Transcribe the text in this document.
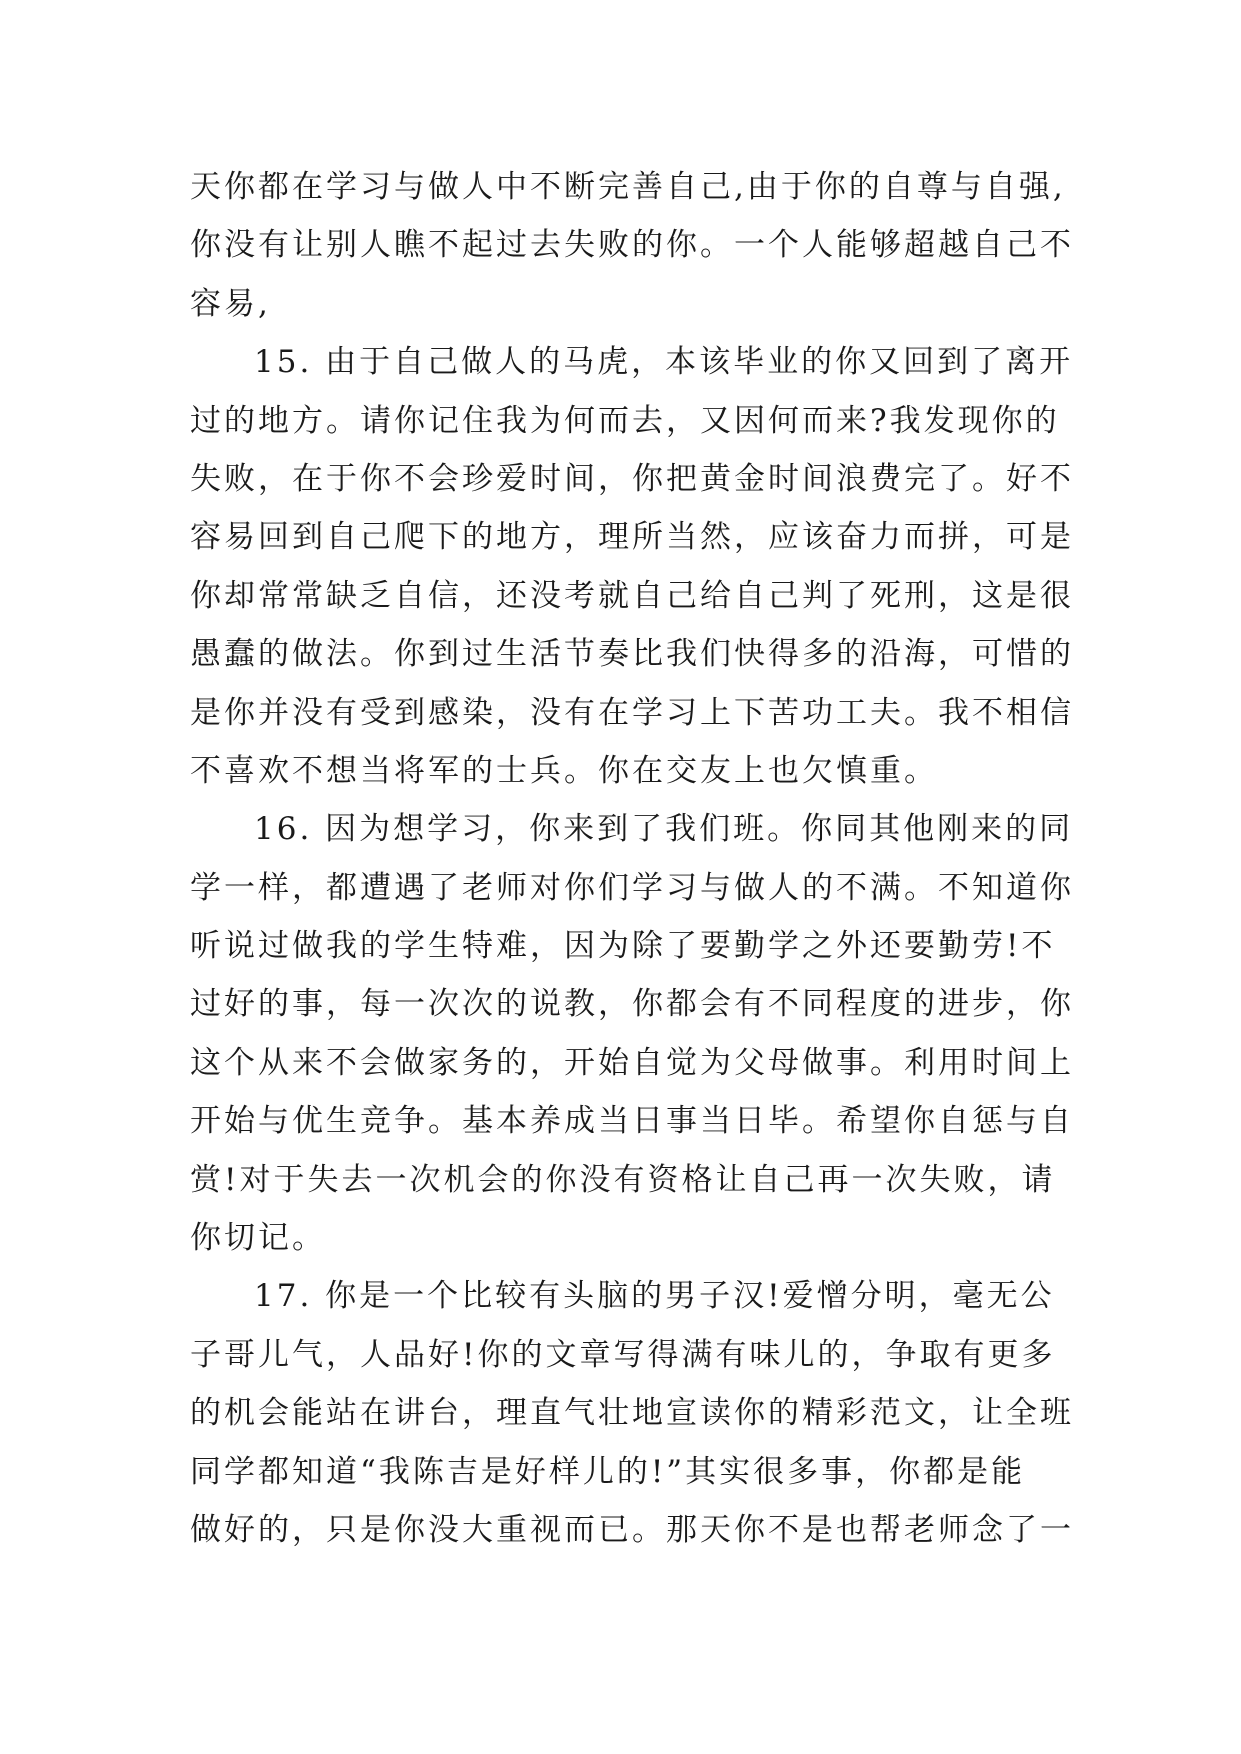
天你都在学习与做人中不断完善自己,由于你的自尊与自强,
你没有让别人瞧不起过去失败的你。一个人能够超越自己不
容易,
15. 由于自己做人的马虎，本该毕业的你又回到了离开
过的地方。请你记住我为何而去，又因何而来?我发现你的
失败，在于你不会珍爱时间，你把黄金时间浪费完了。好不
容易回到自己爬下的地方，理所当然，应该奋力而拼，可是
你却常常缺乏自信，还没考就自己给自己判了死刑，这是很
愚蠢的做法。你到过生活节奏比我们快得多的沿海，可惜的
是你并没有受到感染，没有在学习上下苦功工夫。我不相信
不喜欢不想当将军的士兵。你在交友上也欠慎重。
16. 因为想学习，你来到了我们班。你同其他刚来的同
学一样，都遭遇了老师对你们学习与做人的不满。不知道你
听说过做我的学生特难，因为除了要勤学之外还要勤劳!不
过好的事，每一次次的说教，你都会有不同程度的进步，你
这个从来不会做家务的，开始自觉为父母做事。利用时间上
开始与优生竞争。基本养成当日事当日毕。希望你自惩与自
赏!对于失去一次机会的你没有资格让自己再一次失败，请
你切记。
17. 你是一个比较有头脑的男子汉!爱憎分明，毫无公
子哥儿气，人品好!你的文章写得满有味儿的，争取有更多
的机会能站在讲台，理直气壮地宣读你的精彩范文，让全班
同学都知道“我陈吉是好样儿的!”其实很多事，你都是能
做好的，只是你没大重视而已。那天你不是也帮老师念了一
